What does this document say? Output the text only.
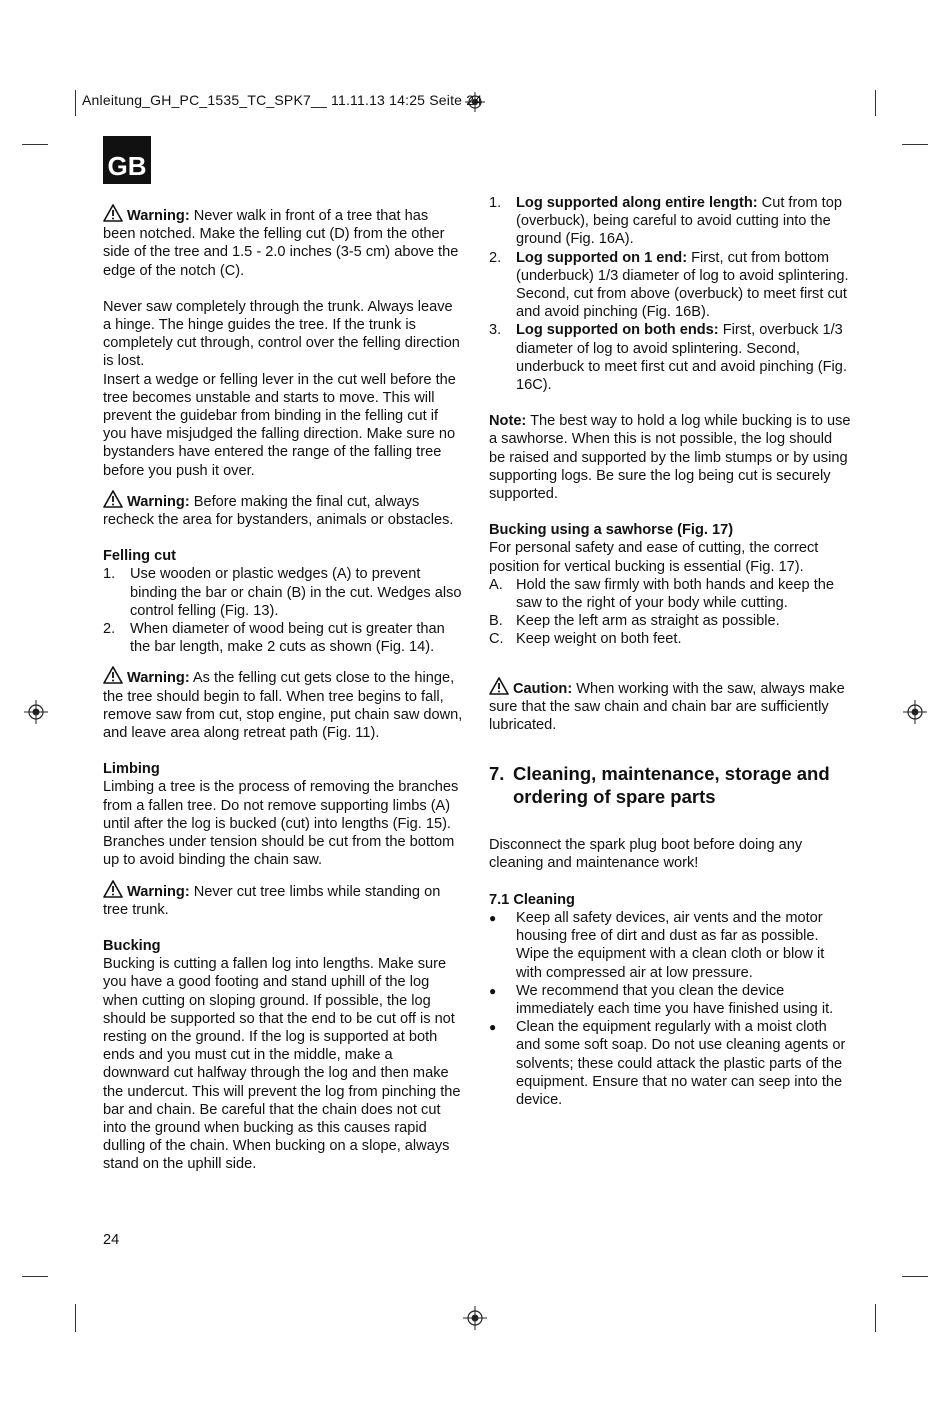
Anleitung_GH_PC_1535_TC_SPK7__ 11.11.13 14:25 Seite 24
GB

Warning: Never walk in front of a tree that has been notched. Make the felling cut (D) from the other side of the tree and 1.5 - 2.0 inches (3-5 cm) above the edge of the notch (C).

Never saw completely through the trunk. Always leave a hinge. The hinge guides the tree. If the trunk is completely cut through, control over the felling direction is lost.

Insert a wedge or felling lever in the cut well before the tree becomes unstable and starts to move. This will prevent the guidebar from binding in the felling cut if you have misjudged the falling direction. Make sure no bystanders have entered the range of the falling tree before you push it over.

Warning: Before making the final cut, always recheck the area for bystanders, animals or obstacles.

Felling cut

1. Use wooden or plastic wedges (A) to prevent binding the bar or chain (B) in the cut. Wedges also control felling (Fig. 13).
2. When diameter of wood being cut is greater than the bar length, make 2 cuts as shown (Fig. 14).

Warning: As the felling cut gets close to the hinge, the tree should begin to fall. When tree begins to fall, remove saw from cut, stop engine, put chain saw down, and leave area along retreat path (Fig. 11).

Limbing

Limbing a tree is the process of removing the branches from a fallen tree. Do not remove supporting limbs (A) until after the log is bucked (cut) into lengths (Fig. 15). Branches under tension should be cut from the bottom up to avoid binding the chain saw.

Warning: Never cut tree limbs while standing on tree trunk.

Bucking

Bucking is cutting a fallen log into lengths. Make sure you have a good footing and stand uphill of the log when cutting on sloping ground. If possible, the log should be supported so that the end to be cut off is not resting on the ground. If the log is supported at both ends and you must cut in the middle, make a downward cut halfway through the log and then make the undercut. This will prevent the log from pinching the bar and chain. Be careful that the chain does not cut into the ground when bucking as this causes rapid dulling of the chain. When bucking on a slope, always stand on the uphill side.

1. Log supported along entire length: Cut from top (overbuck), being careful to avoid cutting into the ground (Fig. 16A).
2. Log supported on 1 end: First, cut from bottom (underbuck) 1/3 diameter of log to avoid splintering. Second, cut from above (overbuck) to meet first cut and avoid pinching (Fig. 16B).
3. Log supported on both ends: First, overbuck 1/3 diameter of log to avoid splintering. Second, underbuck to meet first cut and avoid pinching (Fig. 16C).

Note: The best way to hold a log while bucking is to use a sawhorse. When this is not possible, the log should be raised and supported by the limb stumps or by using supporting logs. Be sure the log being cut is securely supported.

Bucking using a sawhorse (Fig. 17)

For personal safety and ease of cutting, the correct position for vertical bucking is essential (Fig. 17).

A. Hold the saw firmly with both hands and keep the saw to the right of your body while cutting.
B. Keep the left arm as straight as possible.
C. Keep weight on both feet.

Caution: When working with the saw, always make sure that the saw chain and chain bar are sufficiently lubricated.

7. Cleaning, maintenance, storage and ordering of spare parts

Disconnect the spark plug boot before doing any cleaning and maintenance work!

7.1 Cleaning

● Keep all safety devices, air vents and the motor housing free of dirt and dust as far as possible. Wipe the equipment with a clean cloth or blow it with compressed air at low pressure.
● We recommend that you clean the device immediately each time you have finished using it.
● Clean the equipment regularly with a moist cloth and some soft soap. Do not use cleaning agents or solvents; these could attack the plastic parts of the equipment. Ensure that no water can seep into the device.
24
